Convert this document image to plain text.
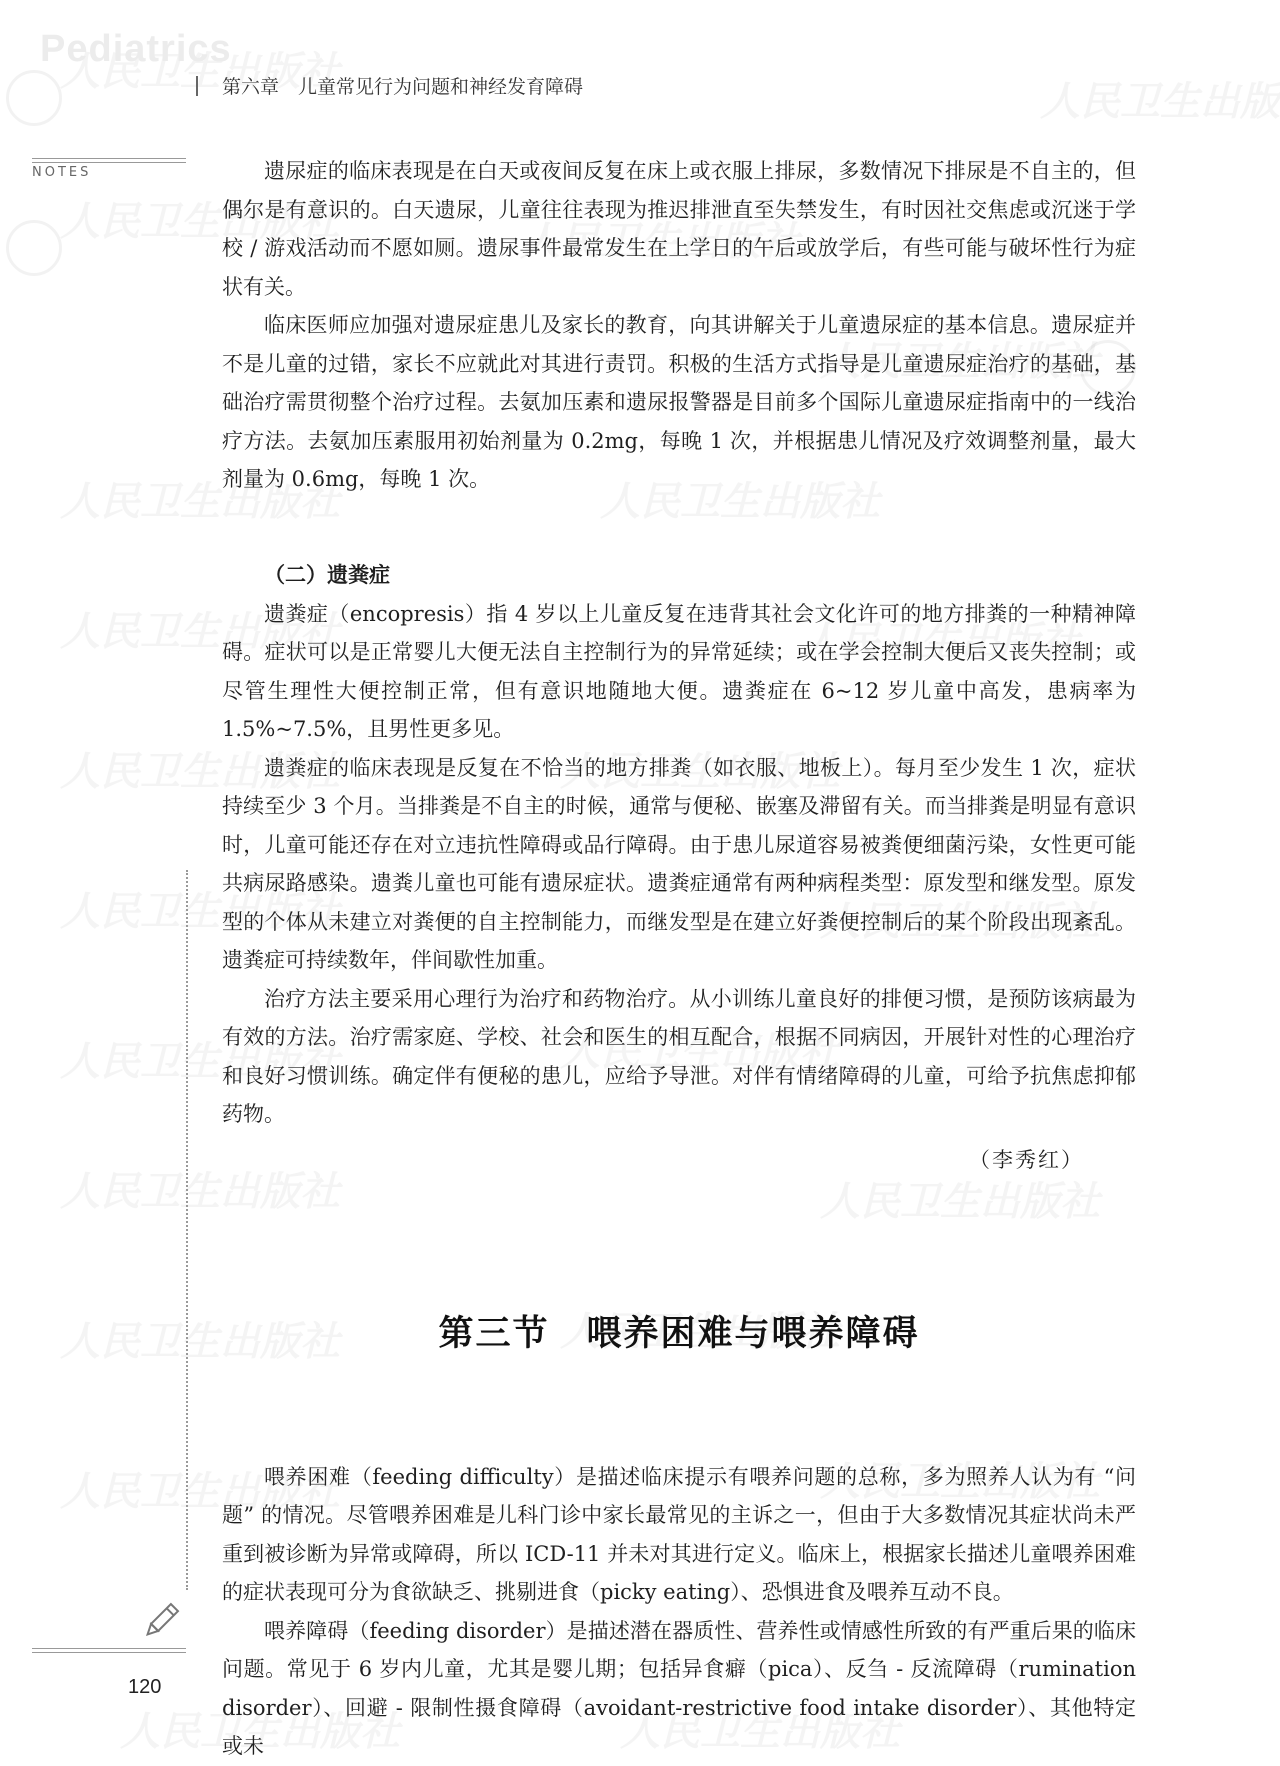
Pediatrics
第六章　儿童常见行为问题和神经发育障碍
NOTES
120

遗尿症的临床表现是在白天或夜间反复在床上或衣服上排尿，多数情况下排尿是不自主的，但偶尔是有意识的。白天遗尿，儿童往往表现为推迟排泄直至失禁发生，有时因社交焦虑或沉迷于学校 / 游戏活动而不愿如厕。遗尿事件最常发生在上学日的午后或放学后，有些可能与破坏性行为症状有关。

临床医师应加强对遗尿症患儿及家长的教育，向其讲解关于儿童遗尿症的基本信息。遗尿症并不是儿童的过错，家长不应就此对其进行责罚。积极的生活方式指导是儿童遗尿症治疗的基础，基础治疗需贯彻整个治疗过程。去氨加压素和遗尿报警器是目前多个国际儿童遗尿症指南中的一线治疗方法。去氨加压素服用初始剂量为 0.2mg，每晚 1 次，并根据患儿情况及疗效调整剂量，最大剂量为 0.6mg，每晚 1 次。

（二）遗粪症

遗粪症（encopresis）指 4 岁以上儿童反复在违背其社会文化许可的地方排粪的一种精神障碍。症状可以是正常婴儿大便无法自主控制行为的异常延续；或在学会控制大便后又丧失控制；或尽管生理性大便控制正常，但有意识地随地大便。遗粪症在 6~12 岁儿童中高发，患病率为 1.5%~7.5%，且男性更多见。

遗粪症的临床表现是反复在不恰当的地方排粪（如衣服、地板上）。每月至少发生 1 次，症状持续至少 3 个月。当排粪是不自主的时候，通常与便秘、嵌塞及滞留有关。而当排粪是明显有意识时，儿童可能还存在对立违抗性障碍或品行障碍。由于患儿尿道容易被粪便细菌污染，女性更可能共病尿路感染。遗粪儿童也可能有遗尿症状。遗粪症通常有两种病程类型：原发型和继发型。原发型的个体从未建立对粪便的自主控制能力，而继发型是在建立好粪便控制后的某个阶段出现紊乱。遗粪症可持续数年，伴间歇性加重。

治疗方法主要采用心理行为治疗和药物治疗。从小训练儿童良好的排便习惯，是预防该病最为有效的方法。治疗需家庭、学校、社会和医生的相互配合，根据不同病因，开展针对性的心理治疗和良好习惯训练。确定伴有便秘的患儿，应给予导泄。对伴有情绪障碍的儿童，可给予抗焦虑抑郁药物。

（李秀红）
第三节　喂养困难与喂养障碍

喂养困难（feeding difficulty）是描述临床提示有喂养问题的总称，多为照养人认为有 “问题” 的情况。尽管喂养困难是儿科门诊中家长最常见的主诉之一，但由于大多数情况其症状尚未严重到被诊断为异常或障碍，所以 ICD-11 并未对其进行定义。临床上，根据家长描述儿童喂养困难的症状表现可分为食欲缺乏、挑剔进食（picky eating）、恐惧进食及喂养互动不良。

喂养障碍（feeding disorder）是描述潜在器质性、营养性或情感性所致的有严重后果的临床问题。常见于 6 岁内儿童，尤其是婴儿期；包括异食癖（pica）、反刍 - 反流障碍（rumination disorder）、回避 - 限制性摄食障碍（avoidant-restrictive food intake disorder）、其他特定或未
